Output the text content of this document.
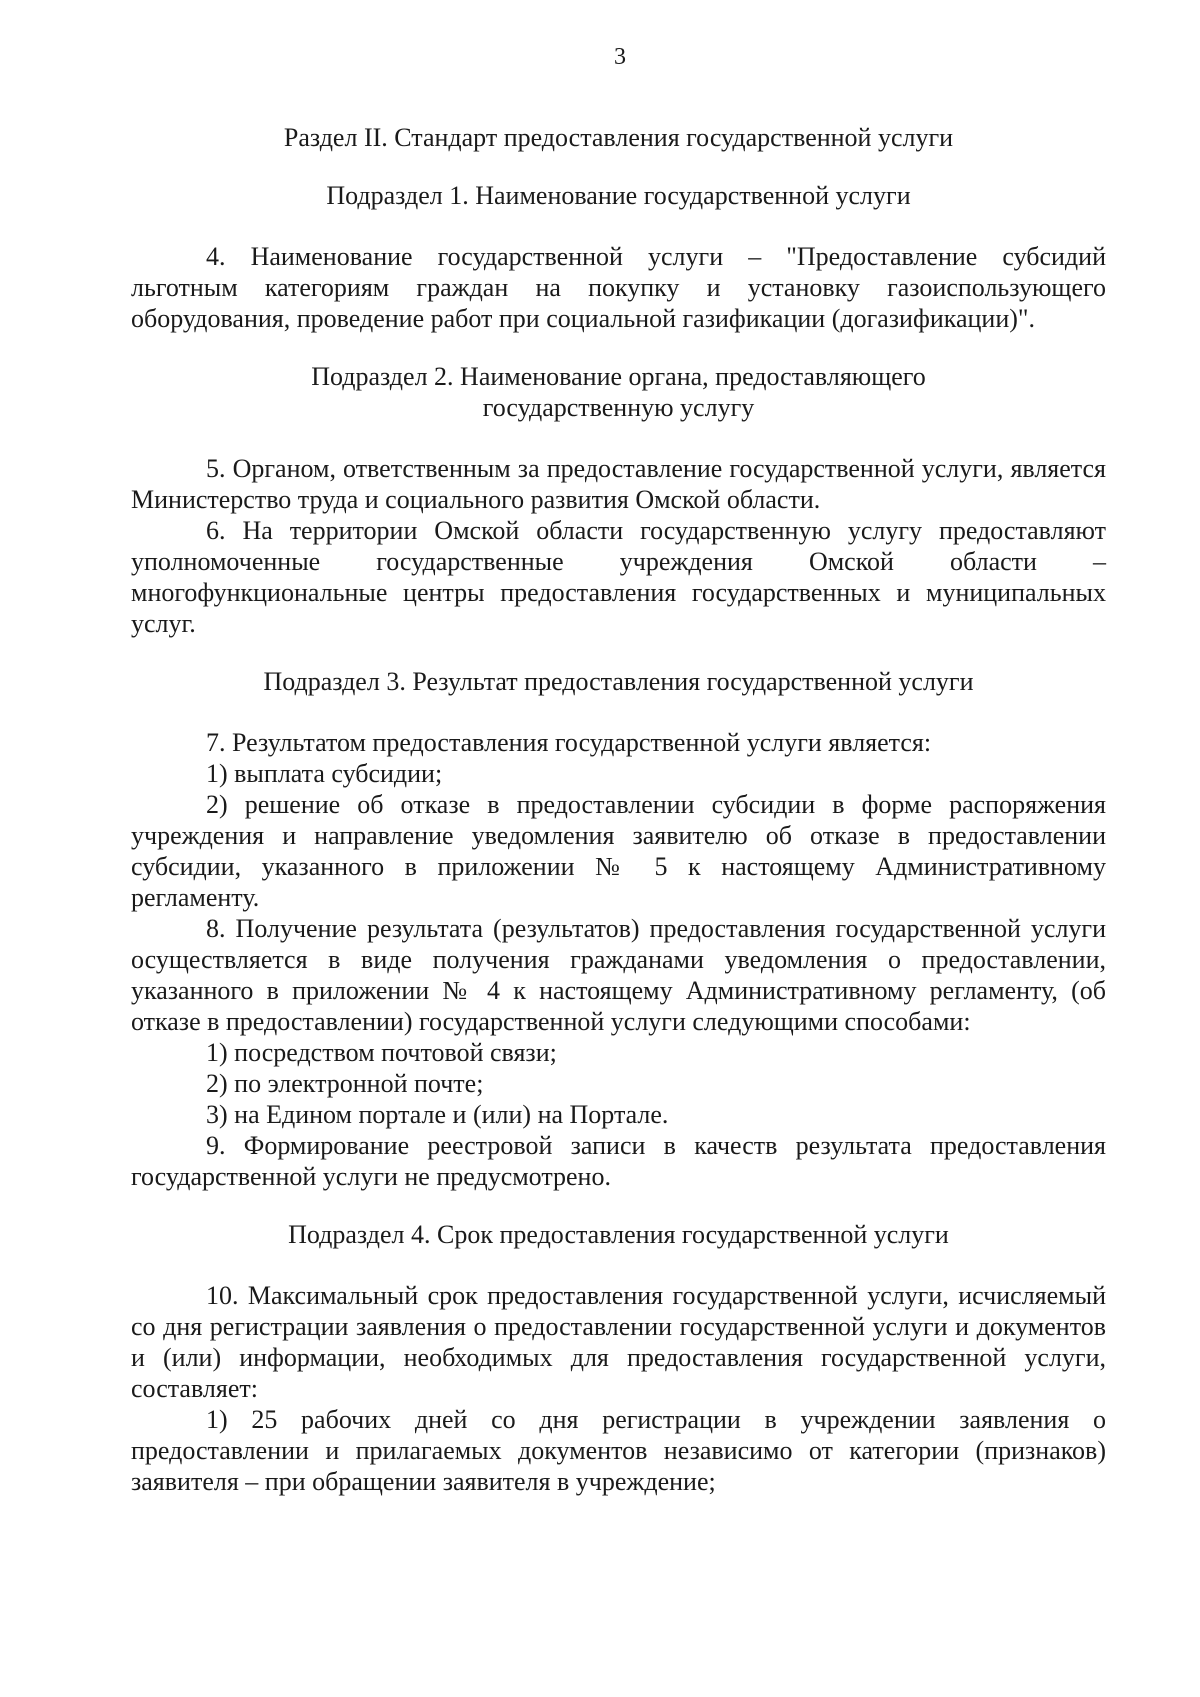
3

Раздел II. Стандарт предоставления государственной услуги

Подраздел 1. Наименование государственной услуги

4. Наименование государственной услуги – "Предоставление субсидий льготным категориям граждан на покупку и установку газоиспользующего оборудования, проведение работ при социальной газификации (догазификации)".

Подраздел 2. Наименование органа, предоставляющего
государственную услугу

5. Органом, ответственным за предоставление государственной услуги, является Министерство труда и социального развития Омской области.

6. На территории Омской области государственную услугу предоставляют уполномоченные государственные учреждения Омской области – многофункциональные центры предоставления государственных и муниципальных услуг.

Подраздел 3. Результат предоставления государственной услуги

7. Результатом предоставления государственной услуги является:

1) выплата субсидии;

2) решение об отказе в предоставлении субсидии в форме распоряжения учреждения и направление уведомления заявителю об отказе в предоставлении субсидии, указанного в приложении № 5 к настоящему Административному регламенту.

8. Получение результата (результатов) предоставления государственной услуги осуществляется в виде получения гражданами уведомления о предоставлении, указанного в приложении № 4 к настоящему Административному регламенту, (об отказе в предоставлении) государственной услуги следующими способами:

1) посредством почтовой связи;

2) по электронной почте;

3) на Едином портале и (или) на Портале.

9. Формирование реестровой записи в качеств результата предоставления государственной услуги не предусмотрено.

Подраздел 4. Срок предоставления государственной услуги

10. Максимальный срок предоставления государственной услуги, исчисляемый со дня регистрации заявления о предоставлении государственной услуги и документов и (или) информации, необходимых для предоставления государственной услуги, составляет:

1) 25 рабочих дней со дня регистрации в учреждении заявления о предоставлении и прилагаемых документов независимо от категории (признаков) заявителя – при обращении заявителя в учреждение;
